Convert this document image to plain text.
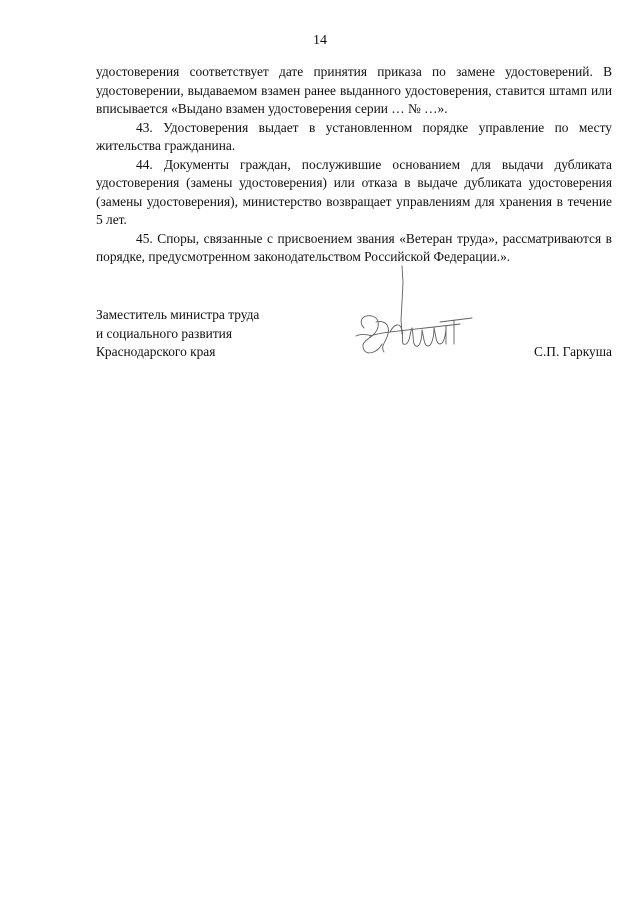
14

удостоверения соответствует дате принятия приказа по замене удостоверений. В удостоверении, выдаваемом взамен ранее выданного удостоверения, ставится штамп или вписывается «Выдано взамен удостоверения серии … № …».

43. Удостоверения выдает в установленном порядке управление по месту жительства гражданина.

44. Документы граждан, послужившие основанием для выдачи дубликата удостоверения (замены удостоверения) или отказа в выдаче дубликата удостоверения (замены удостоверения), министерство возвращает управлениям для хранения в течение 5 лет.

45. Споры, связанные с присвоением звания «Ветеран труда», рассматриваются в порядке, предусмотренном законодательством Российской Федерации.».

Заместитель министра труда
и социального развития
Краснодарского края	С.П. Гаркуша
